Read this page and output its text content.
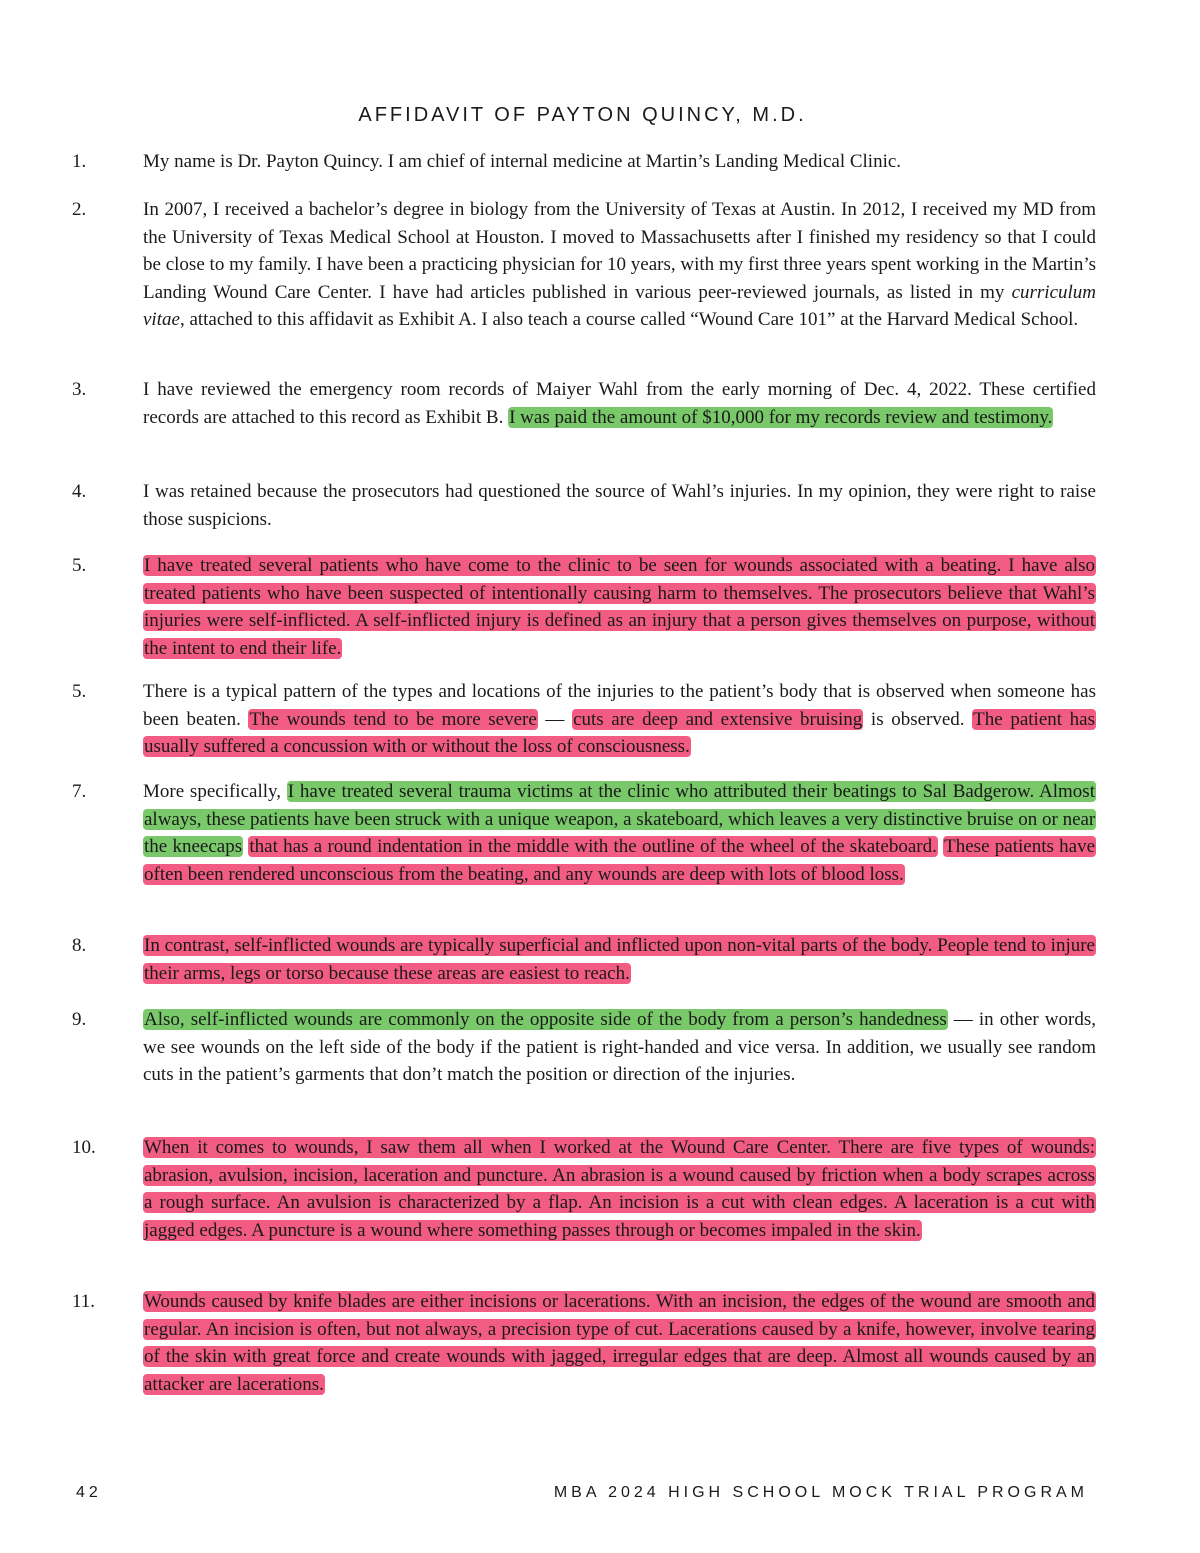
AFFIDAVIT OF PAYTON QUINCY, M.D.
1.	My name is Dr. Payton Quincy. I am chief of internal medicine at Martin’s Landing Medical Clinic.

2.	In 2007, I received a bachelor’s degree in biology from the University of Texas at Austin. In 2012, I received my MD from the University of Texas Medical School at Houston. I moved to Massachusetts after I finished my residency so that I could be close to my family. I have been a practicing physician for 10 years, with my first three years spent working in the Martin’s Landing Wound Care Center. I have had articles published in various peer-reviewed journals, as listed in my curriculum vitae, attached to this affidavit as Exhibit A. I also teach a course called “Wound Care 101” at the Harvard Medical School.

3.	I have reviewed the emergency room records of Maiyer Wahl from the early morning of Dec. 4, 2022. These certified records are attached to this record as Exhibit B. I was paid the amount of $10,000 for my records review and testimony.

4.	I was retained because the prosecutors had questioned the source of Wahl’s injuries. In my opinion, they were right to raise those suspicions.

5.	I have treated several patients who have come to the clinic to be seen for wounds associated with a beating. I have also treated patients who have been suspected of intentionally causing harm to themselves. The prosecutors believe that Wahl’s injuries were self-inflicted. A self-inflicted injury is defined as an injury that a person gives themselves on purpose, without the intent to end their life.

5.	There is a typical pattern of the types and locations of the injuries to the patient’s body that is observed when someone has been beaten. The wounds tend to be more severe — cuts are deep and extensive bruising is observed. The patient has usually suffered a concussion with or without the loss of consciousness.

7.	More specifically, I have treated several trauma victims at the clinic who attributed their beatings to Sal Badgerow. Almost always, these patients have been struck with a unique weapon, a skateboard, which leaves a very distinctive bruise on or near the kneecaps that has a round indentation in the middle with the outline of the wheel of the skateboard. These patients have often been rendered unconscious from the beating, and any wounds are deep with lots of blood loss.

8.	In contrast, self-inflicted wounds are typically superficial and inflicted upon non-vital parts of the body. People tend to injure their arms, legs or torso because these areas are easiest to reach.

9.	Also, self-inflicted wounds are commonly on the opposite side of the body from a person’s handedness — in other words, we see wounds on the left side of the body if the patient is right-handed and vice versa. In addition, we usually see random cuts in the patient’s garments that don’t match the position or direction of the injuries.

10.	When it comes to wounds, I saw them all when I worked at the Wound Care Center. There are five types of wounds: abrasion, avulsion, incision, laceration and puncture. An abrasion is a wound caused by friction when a body scrapes across a rough surface. An avulsion is characterized by a flap. An incision is a cut with clean edges. A laceration is a cut with jagged edges. A puncture is a wound where something passes through or becomes impaled in the skin.

11.	Wounds caused by knife blades are either incisions or lacerations. With an incision, the edges of the wound are smooth and regular. An incision is often, but not always, a precision type of cut. Lacerations caused by a knife, however, involve tearing of the skin with great force and create wounds with jagged, irregular edges that are deep. Almost all wounds caused by an attacker are lacerations.

42	MBA 2024 HIGH SCHOOL MOCK TRIAL PROGRAM
